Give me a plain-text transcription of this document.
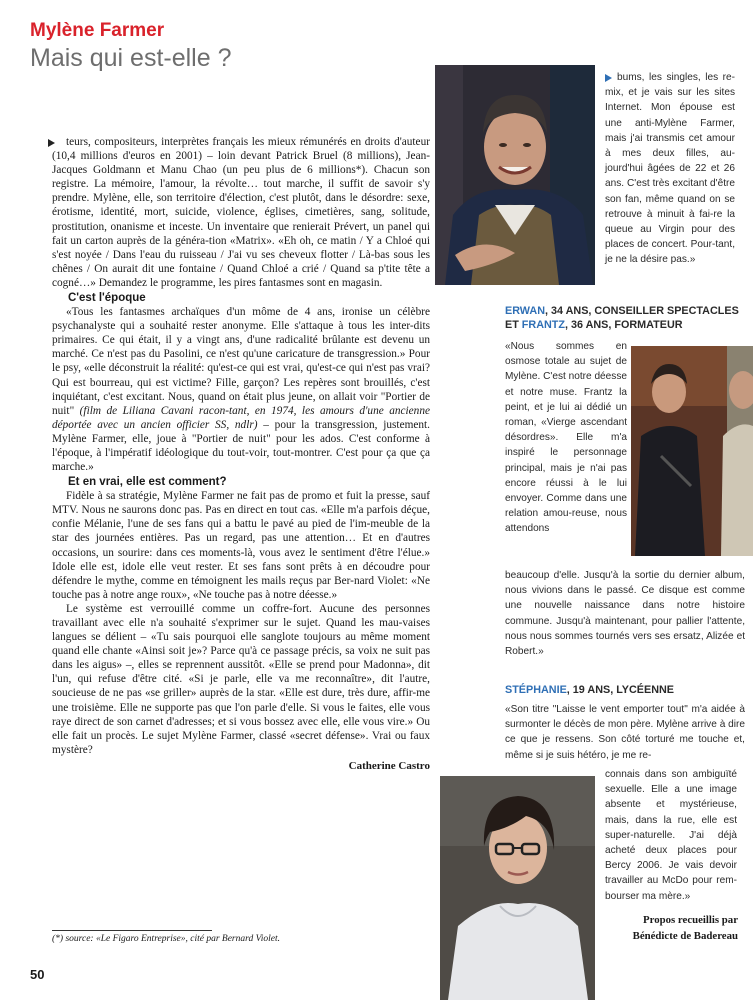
Mylène Farmer
Mais qui est-elle ?

teurs, compositeurs, interprètes français les mieux rémunérés en droits d'auteur (10,4 millions d'euros en 2001) – loin devant Patrick Bruel (8 millions), Jean-Jacques Goldmann et Manu Chao (un peu plus de 6 millions*). Chacun son registre. La mémoire, l'amour, la révolte… tout marche, il suffit de savoir s'y prendre. Mylène, elle, son territoire d'élection, c'est plutôt, dans le désordre: sexe, érotisme, identité, mort, suicide, violence, églises, cimetières, sang, solitude, prostitution, onanisme et inceste. Un inventaire que renierait Prévert, un panel qui fait un carton auprès de la généra-tion «Matrix». «Eh oh, ce matin / Y a Chloé qui s'est noyée / Dans l'eau du ruisseau / J'ai vu ses cheveux flotter / Là-bas sous les chênes / On aurait dit une fontaine / Quand Chloé a crié / Quand sa p'tite tête a cogné…» Demandez le programme, les pires fantasmes sont en magasin.

C'est l'époque

«Tous les fantasmes archaïques d'un môme de 4 ans, ironise un célèbre psychanalyste qui a souhaité rester anonyme. Elle s'attaque à tous les inter-dits primaires. Ce qui était, il y a vingt ans, d'une radicalité brûlante est devenu un marché. Ce n'est pas du Pasolini, ce n'est qu'une caricature de transgression.» Pour le psy, «elle déconstruit la réalité: qu'est-ce qui est vrai, qu'est-ce qui n'est pas vrai? Qui est bourreau, qui est victime? Fille, garçon? Les repères sont brouillés, c'est inquiétant, c'est excitant. Nous, quand on était plus jeune, on allait voir "Portier de nuit" (film de Liliana Cavani racon-tant, en 1974, les amours d'une ancienne déportée avec un ancien officier SS, ndlr) – pour la transgression, justement. Mylène Farmer, elle, joue à "Portier de nuit" pour les ados. C'est conforme à l'époque, à l'impératif idéologique du tout-voir, tout-montrer. C'est pour ça que ça marche.»

Et en vrai, elle est comment?

Fidèle à sa stratégie, Mylène Farmer ne fait pas de promo et fuit la presse, sauf MTV. Nous ne saurons donc pas. Pas en direct en tout cas. «Elle m'a parfois déçue, confie Mélanie, l'une de ses fans qui a battu le pavé au pied de l'im-meuble de la star des journées entières. Pas un regard, pas une attention… Et en d'autres occasions, un sourire: dans ces moments-là, vous avez le sentiment d'être l'élue.» Idole elle est, idole elle veut rester. Et ses fans sont prêts à en découdre pour défendre le mythe, comme en témoignent les mails reçus par Ber-nard Violet: «Ne touche pas à notre ange roux», «Ne touche pas à notre déesse.»

Le système est verrouillé comme un coffre-fort. Aucune des personnes travaillant avec elle n'a souhaité s'exprimer sur le sujet. Quand les mau-vaises langues se délient – «Tu sais pourquoi elle sanglote toujours au même moment quand elle chante «Ainsi soit je»? Parce qu'à ce passage précis, sa voix ne suit pas dans les aigus» –, elles se reprennent aussitôt. «Elle se prend pour Madonna», dit l'un, qui refuse d'être cité. «Si je parle, elle va me reconnaître», dit l'autre, soucieuse de ne pas «se griller» auprès de la star. «Elle est dure, très dure, affir-me une troisième. Elle ne supporte pas que l'on parle d'elle. Si vous le faites, elle vous raye direct de son carnet d'adresses; et si vous bossez avec elle, elle vous vire.» Ou elle fait un procès. Le sujet Mylène Farmer, classé «secret défense». Vrai ou faux mystère?

Catherine Castro
(*) source: «Le Figaro Entreprise», cité par Bernard Violet.
50
bums, les singles, les re-mix, et je vais sur les sites Internet. Mon épouse est une anti-Mylène Farmer, mais j'ai transmis cet amour à mes deux filles, au-jourd'hui âgées de 22 et 26 ans. C'est très excitant d'être son fan, même quand on se retrouve à minuit à fai-re la queue au Virgin pour des places de concert. Pour-tant, je ne la désire pas.»
ERWAN, 34 ANS, CONSEILLER SPECTACLES
ET FRANTZ, 36 ANS, FORMATEUR
«Nous sommes en osmose totale au sujet de Mylène. C'est notre déesse et notre muse. Frantz la peint, et je lui ai dédié un roman, «Vierge ascendant désordres». Elle m'a inspiré le personnage principal, mais je n'ai pas encore réussi à le lui envoyer. Comme dans une relation amou-reuse, nous attendons
beaucoup d'elle. Jusqu'à la sortie du dernier album, nous vivions dans le passé. Ce disque est comme une nouvelle naissance dans notre histoire commune. Jusqu'à maintenant, pour pallier l'attente, nous nous sommes tournés vers ses ersatz, Alizée et Robert.»
STÉPHANIE, 19 ANS, LYCÉENNE
«Son titre "Laisse le vent emporter tout" m'a aidée à surmonter le décès de mon père. Mylène arrive à dire ce que je ressens. Son côté torturé me touche et, même si je suis hétéro, je me re-
connais dans son ambiguïté sexuelle. Elle a une image absente et mystérieuse, mais, dans la rue, elle est super-naturelle. J'ai déjà acheté deux places pour Bercy 2006. Je vais devoir travailler au McDo pour rem-bourser ma mère.»
Propos recueillis par
Bénédicte de Badereau
